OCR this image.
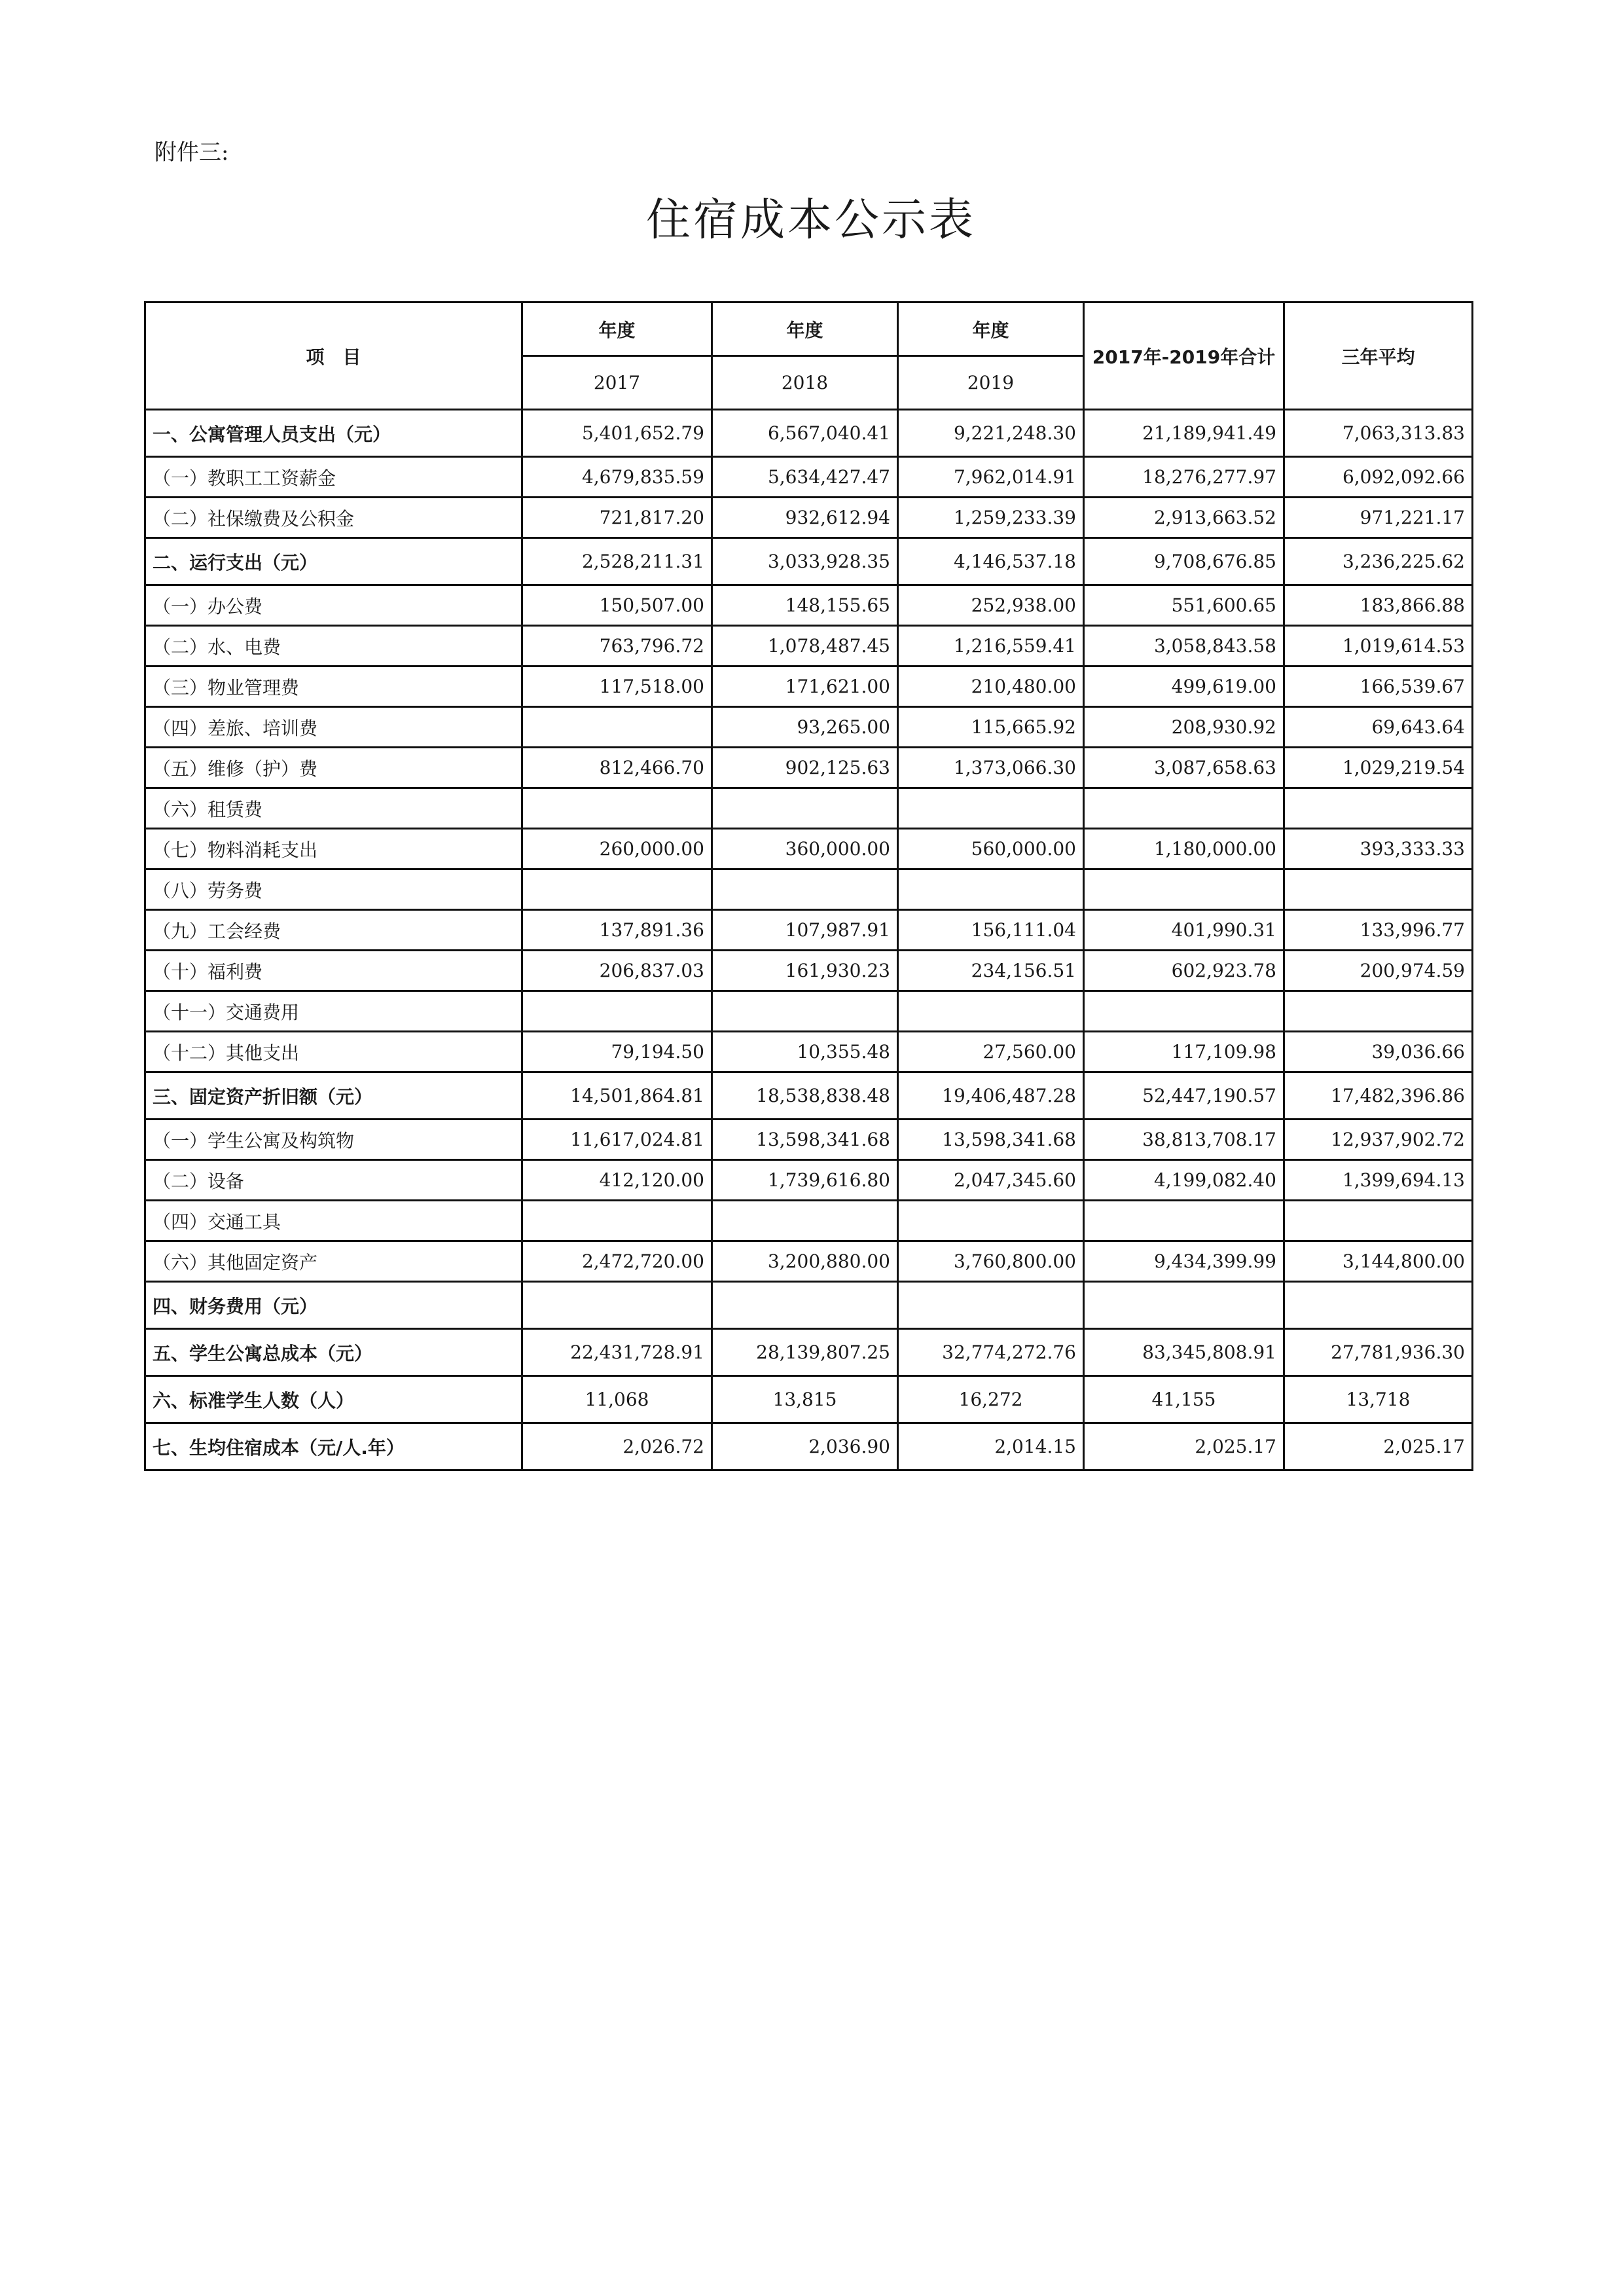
附件三:
住宿成本公示表
项　目	年度	年度	年度	2017年-2019年合计	三年平均
	2017	2018	2019		
一、公寓管理人员支出（元）	5,401,652.79	6,567,040.41	9,221,248.30	21,189,941.49	7,063,313.83
（一）教职工工资薪金	4,679,835.59	5,634,427.47	7,962,014.91	18,276,277.97	6,092,092.66
（二）社保缴费及公积金	721,817.20	932,612.94	1,259,233.39	2,913,663.52	971,221.17
二、运行支出（元）	2,528,211.31	3,033,928.35	4,146,537.18	9,708,676.85	3,236,225.62
（一）办公费	150,507.00	148,155.65	252,938.00	551,600.65	183,866.88
（二）水、电费	763,796.72	1,078,487.45	1,216,559.41	3,058,843.58	1,019,614.53
（三）物业管理费	117,518.00	171,621.00	210,480.00	499,619.00	166,539.67
（四）差旅、培训费		93,265.00	115,665.92	208,930.92	69,643.64
（五）维修（护）费	812,466.70	902,125.63	1,373,066.30	3,087,658.63	1,029,219.54
（六）租赁费					
（七）物料消耗支出	260,000.00	360,000.00	560,000.00	1,180,000.00	393,333.33
（八）劳务费					
（九）工会经费	137,891.36	107,987.91	156,111.04	401,990.31	133,996.77
（十）福利费	206,837.03	161,930.23	234,156.51	602,923.78	200,974.59
（十一）交通费用					
（十二）其他支出	79,194.50	10,355.48	27,560.00	117,109.98	39,036.66
三、固定资产折旧额（元）	14,501,864.81	18,538,838.48	19,406,487.28	52,447,190.57	17,482,396.86
（一）学生公寓及构筑物	11,617,024.81	13,598,341.68	13,598,341.68	38,813,708.17	12,937,902.72
（二）设备	412,120.00	1,739,616.80	2,047,345.60	4,199,082.40	1,399,694.13
（四）交通工具					
（六）其他固定资产	2,472,720.00	3,200,880.00	3,760,800.00	9,434,399.99	3,144,800.00
四、财务费用（元）					
五、学生公寓总成本（元）	22,431,728.91	28,139,807.25	32,774,272.76	83,345,808.91	27,781,936.30
六、标准学生人数（人）	11,068	13,815	16,272	41,155	13,718
七、生均住宿成本（元/人.年）	2,026.72	2,036.90	2,014.15	2,025.17	2,025.17
